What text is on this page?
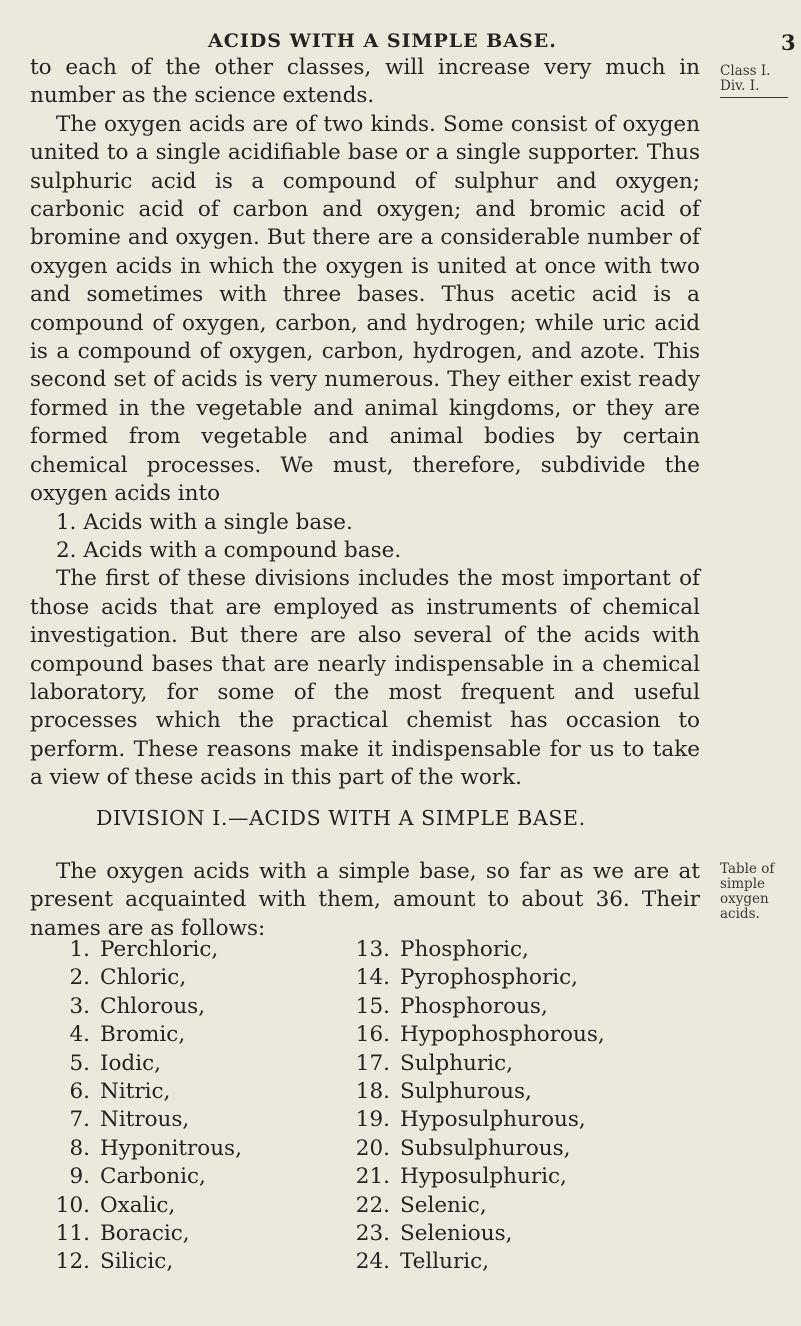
ACIDS WITH A SIMPLE BASE.	3
Class I.
Div. I.

to each of the other classes, will increase very much in number as the science extends.

The oxygen acids are of two kinds. Some consist of oxygen united to a single acidifiable base or a single supporter. Thus sulphuric acid is a compound of sulphur and oxygen; carbonic acid of carbon and oxygen; and bromic acid of bromine and oxygen. But there are a considerable number of oxygen acids in which the oxygen is united at once with two and sometimes with three bases. Thus acetic acid is a compound of oxygen, carbon, and hydrogen; while uric acid is a compound of oxygen, carbon, hydrogen, and azote. This second set of acids is very numerous. They either exist ready formed in the vegetable and animal kingdoms, or they are formed from vegetable and animal bodies by certain chemical processes. We must, therefore, subdivide the oxygen acids into

1. Acids with a single base.

2. Acids with a compound base.

The first of these divisions includes the most important of those acids that are employed as instruments of chemical investigation. But there are also several of the acids with compound bases that are nearly indispensable in a chemical laboratory, for some of the most frequent and useful processes which the practical chemist has occasion to perform. These reasons make it indispensable for us to take a view of these acids in this part of the work.

DIVISION I.—ACIDS WITH A SIMPLE BASE.
Table of simple oxygen acids.

The oxygen acids with a simple base, so far as we are at present acquainted with them, amount to about 36. Their names are as follows:

1. Perchloric,	13. Phosphoric,
2. Chloric,	14. Pyrophosphoric,
3. Chlorous,	15. Phosphorous,
4. Bromic,	16. Hypophosphorous,
5. Iodic,	17. Sulphuric,
6. Nitric,	18. Sulphurous,
7. Nitrous,	19. Hyposulphurous,
8. Hyponitrous,	20. Subsulphurous,
9. Carbonic,	21. Hyposulphuric,
10. Oxalic,	22. Selenic,
11. Boracic,	23. Selenious,
12. Silicic,	24. Telluric,
